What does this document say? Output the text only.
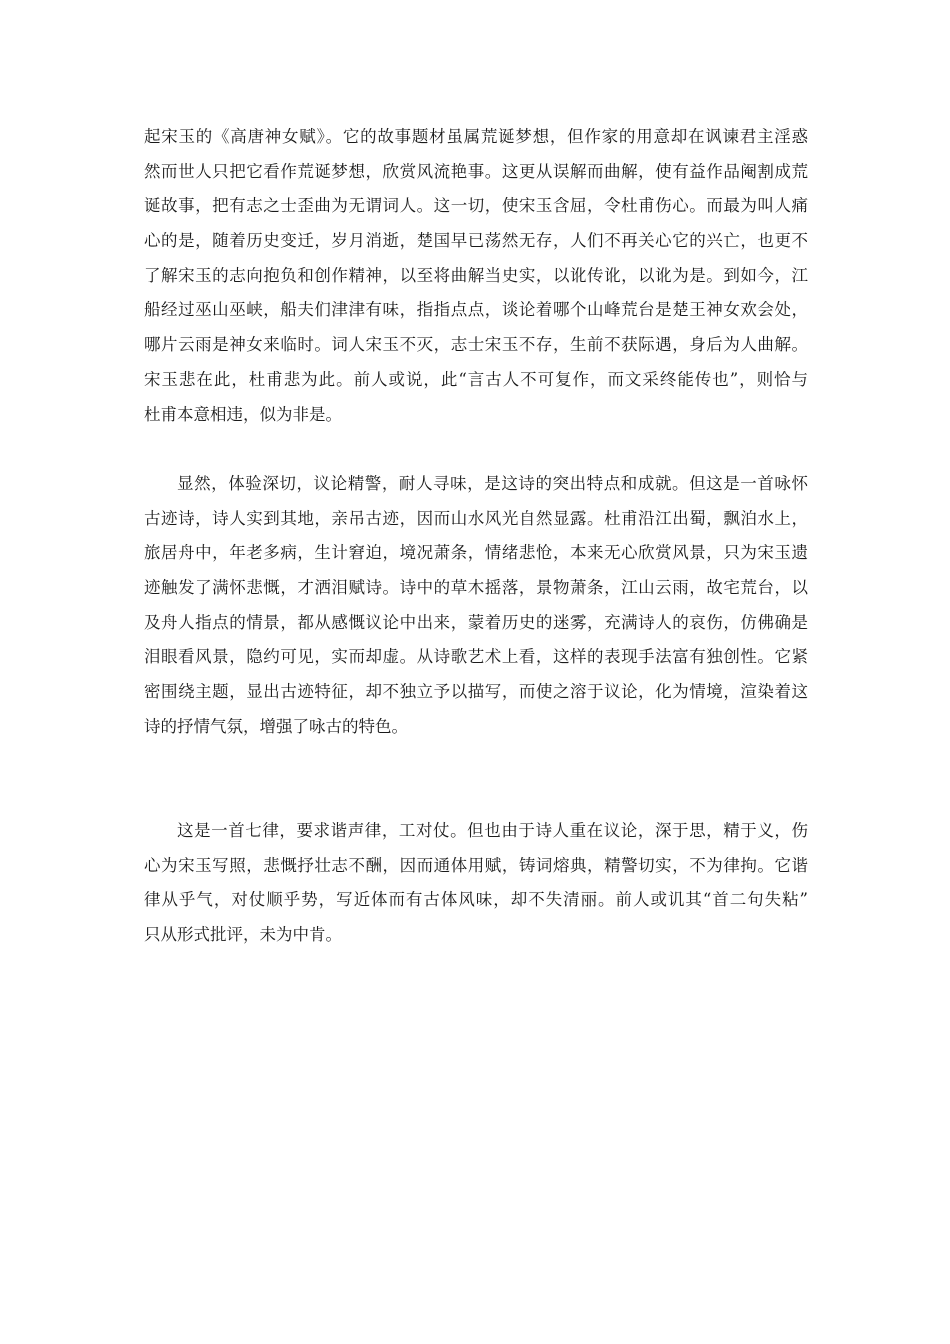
起宋玉的《高唐神女赋》。它的故事题材虽属荒诞梦想，但作家的用意却在讽谏君主淫惑
然而世人只把它看作荒诞梦想，欣赏风流艳事。这更从误解而曲解，使有益作品阉割成荒
诞故事，把有志之士歪曲为无谓词人。这一切，使宋玉含屈，令杜甫伤心。而最为叫人痛
心的是，随着历史变迁，岁月消逝，楚国早已荡然无存，人们不再关心它的兴亡，也更不
了解宋玉的志向抱负和创作精神，以至将曲解当史实，以讹传讹，以讹为是。到如今，江
船经过巫山巫峡，船夫们津津有味，指指点点，谈论着哪个山峰荒台是楚王神女欢会处，
哪片云雨是神女来临时。词人宋玉不灭，志士宋玉不存，生前不获际遇，身后为人曲解。
宋玉悲在此，杜甫悲为此。前人或说，此“言古人不可复作，而文采终能传也”，则恰与
杜甫本意相违，似为非是。
显然，体验深切，议论精警，耐人寻味，是这诗的突出特点和成就。但这是一首咏怀
古迹诗，诗人实到其地，亲吊古迹，因而山水风光自然显露。杜甫沿江出蜀，飘泊水上，
旅居舟中，年老多病，生计窘迫，境况萧条，情绪悲怆，本来无心欣赏风景，只为宋玉遗
迹触发了满怀悲慨，才洒泪赋诗。诗中的草木摇落，景物萧条，江山云雨，故宅荒台，以
及舟人指点的情景，都从感慨议论中出来，蒙着历史的迷雾，充满诗人的哀伤，仿佛确是
泪眼看风景，隐约可见，实而却虚。从诗歌艺术上看，这样的表现手法富有独创性。它紧
密围绕主题，显出古迹特征，却不独立予以描写，而使之溶于议论，化为情境，渲染着这
诗的抒情气氛，增强了咏古的特色。
这是一首七律，要求谐声律，工对仗。但也由于诗人重在议论，深于思，精于义，伤
心为宋玉写照，悲慨抒壮志不酬，因而通体用赋，铸词熔典，精警切实，不为律拘。它谐
律从乎气，对仗顺乎势，写近体而有古体风味，却不失清丽。前人或讥其“首二句失粘”
只从形式批评，未为中肯。
